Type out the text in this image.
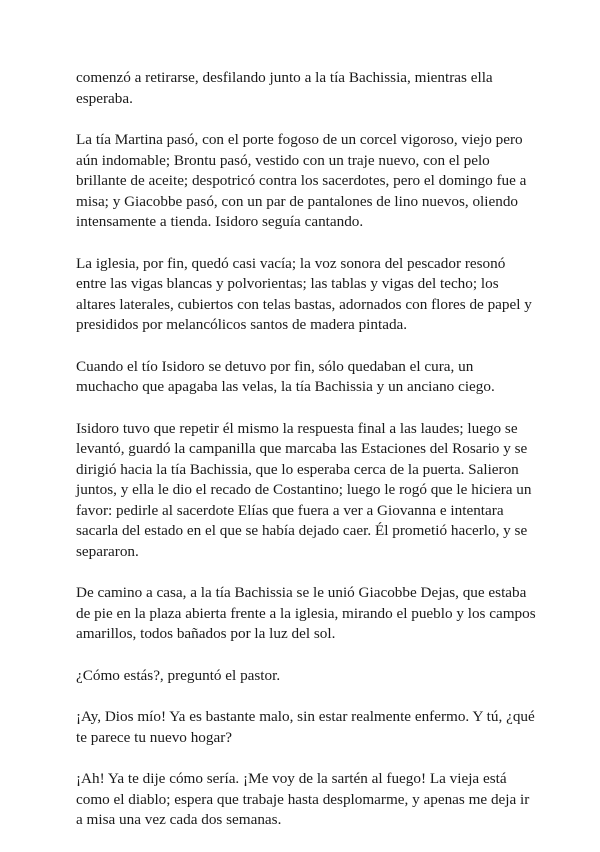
comenzó a retirarse, desfilando junto a la tía Bachissia, mientras ella esperaba.

La tía Martina pasó, con el porte fogoso de un corcel vigoroso, viejo pero aún indomable; Brontu pasó, vestido con un traje nuevo, con el pelo brillante de aceite; despotricó contra los sacerdotes, pero el domingo fue a misa; y Giacobbe pasó, con un par de pantalones de lino nuevos, oliendo intensamente a tienda. Isidoro seguía cantando.

La iglesia, por fin, quedó casi vacía; la voz sonora del pescador resonó entre las vigas blancas y polvorientas; las tablas y vigas del techo; los altares laterales, cubiertos con telas bastas, adornados con flores de papel y presididos por melancólicos santos de madera pintada.

Cuando el tío Isidoro se detuvo por fin, sólo quedaban el cura, un muchacho que apagaba las velas, la tía Bachissia y un anciano ciego.

Isidoro tuvo que repetir él mismo la respuesta final a las laudes; luego se levantó, guardó la campanilla que marcaba las Estaciones del Rosario y se dirigió hacia la tía Bachissia, que lo esperaba cerca de la puerta. Salieron juntos, y ella le dio el recado de Costantino; luego le rogó que le hiciera un favor: pedirle al sacerdote Elías que fuera a ver a Giovanna e intentara sacarla del estado en el que se había dejado caer. Él prometió hacerlo, y se separaron.

De camino a casa, a la tía Bachissia se le unió Giacobbe Dejas, que estaba de pie en la plaza abierta frente a la iglesia, mirando el pueblo y los campos amarillos, todos bañados por la luz del sol.

¿Cómo estás?, preguntó el pastor.

¡Ay, Dios mío! Ya es bastante malo, sin estar realmente enfermo. Y tú, ¿qué te parece tu nuevo hogar?

¡Ah! Ya te dije cómo sería. ¡Me voy de la sartén al fuego! La vieja está como el diablo; espera que trabaje hasta desplomarme, y apenas me deja ir a misa una vez cada dos semanas.
